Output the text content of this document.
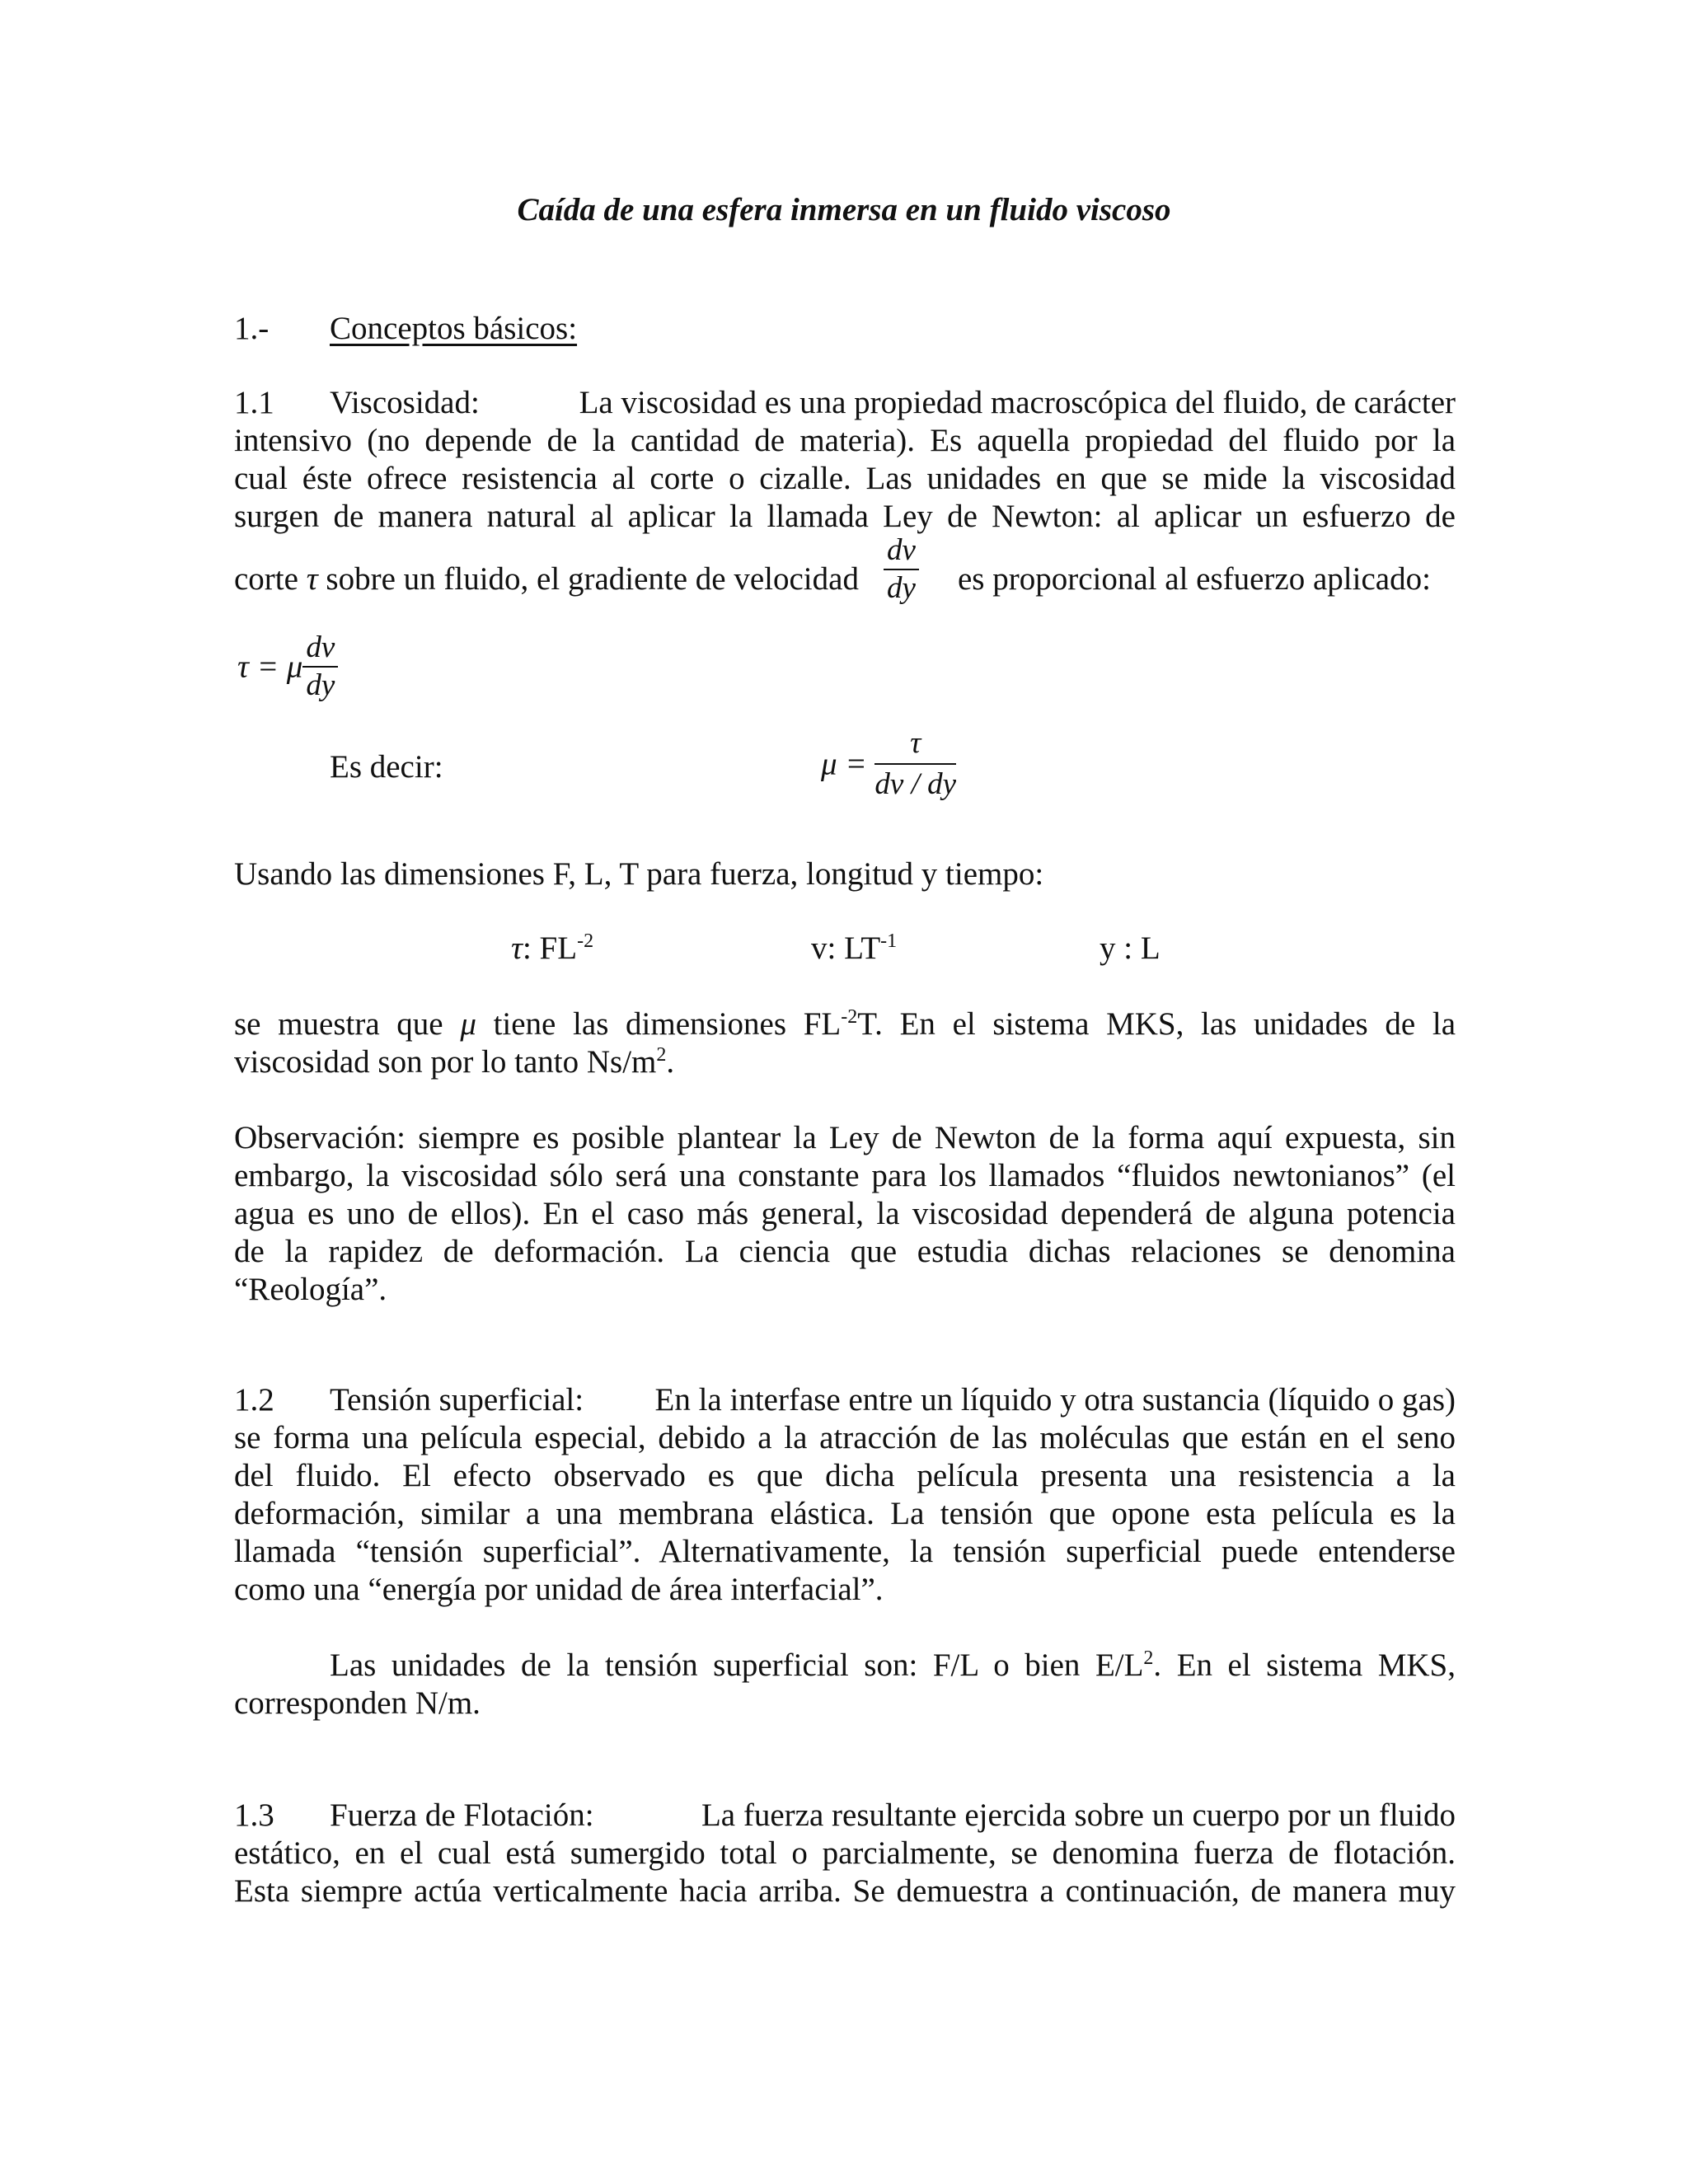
Caída de una esfera inmersa en un fluido viscoso
1.- Conceptos básicos:
1.1 Viscosidad:	La viscosidad es una propiedad macroscópica del fluido, de carácter
intensivo (no depende de la cantidad de materia). Es aquella propiedad del fluido por la
cual éste ofrece resistencia al corte o cizalle. Las unidades en que se mide la viscosidad
surgen de manera natural al aplicar la llamada Ley de Newton: al aplicar un esfuerzo de
corte τ sobre un fluido, el gradiente de velocidad $\frac{dv}{dy}$ es proporcional al esfuerzo aplicado:
τ = μ $\frac{dv}{dy}$
Es decir:	$\mu = \frac{\tau}{dv / dy}$
Usando las dimensiones F, L, T para fuerza, longitud y tiempo:
τ: $FL^{-2}$	v: $LT^{-1}$	y : L
se muestra que μ tiene las dimensiones $FL^{-2}T$. En el sistema MKS, las unidades de la
viscosidad son por lo tanto $Ns/m^2$.
Observación: siempre es posible plantear la Ley de Newton de la forma aquí expuesta, sin
embargo, la viscosidad sólo será una constante para los llamados “fluidos newtonianos” (el
agua es uno de ellos). En el caso más general, la viscosidad dependerá de alguna potencia
de la rapidez de deformación. La ciencia que estudia dichas relaciones se denomina
“Reología”.
1.2 Tensión superficial: En la interfase entre un líquido y otra sustancia (líquido o gas)
se forma una película especial, debido a la atracción de las moléculas que están en el seno
del fluido. El efecto observado es que dicha película presenta una resistencia a la
deformación, similar a una membrana elástica. La tensión que opone esta película es la
llamada “tensión superficial”. Alternativamente, la tensión superficial puede entenderse
como una “energía por unidad de área interfacial”.
Las unidades de la tensión superficial son: F/L o bien $E/L^2$. En el sistema MKS,
corresponden N/m.
1.3 Fuerza de Flotación:	La fuerza resultante ejercida sobre un cuerpo por un fluido
estático, en el cual está sumergido total o parcialmente, se denomina fuerza de flotación.
Esta siempre actúa verticalmente hacia arriba. Se demuestra a continuación, de manera muy
